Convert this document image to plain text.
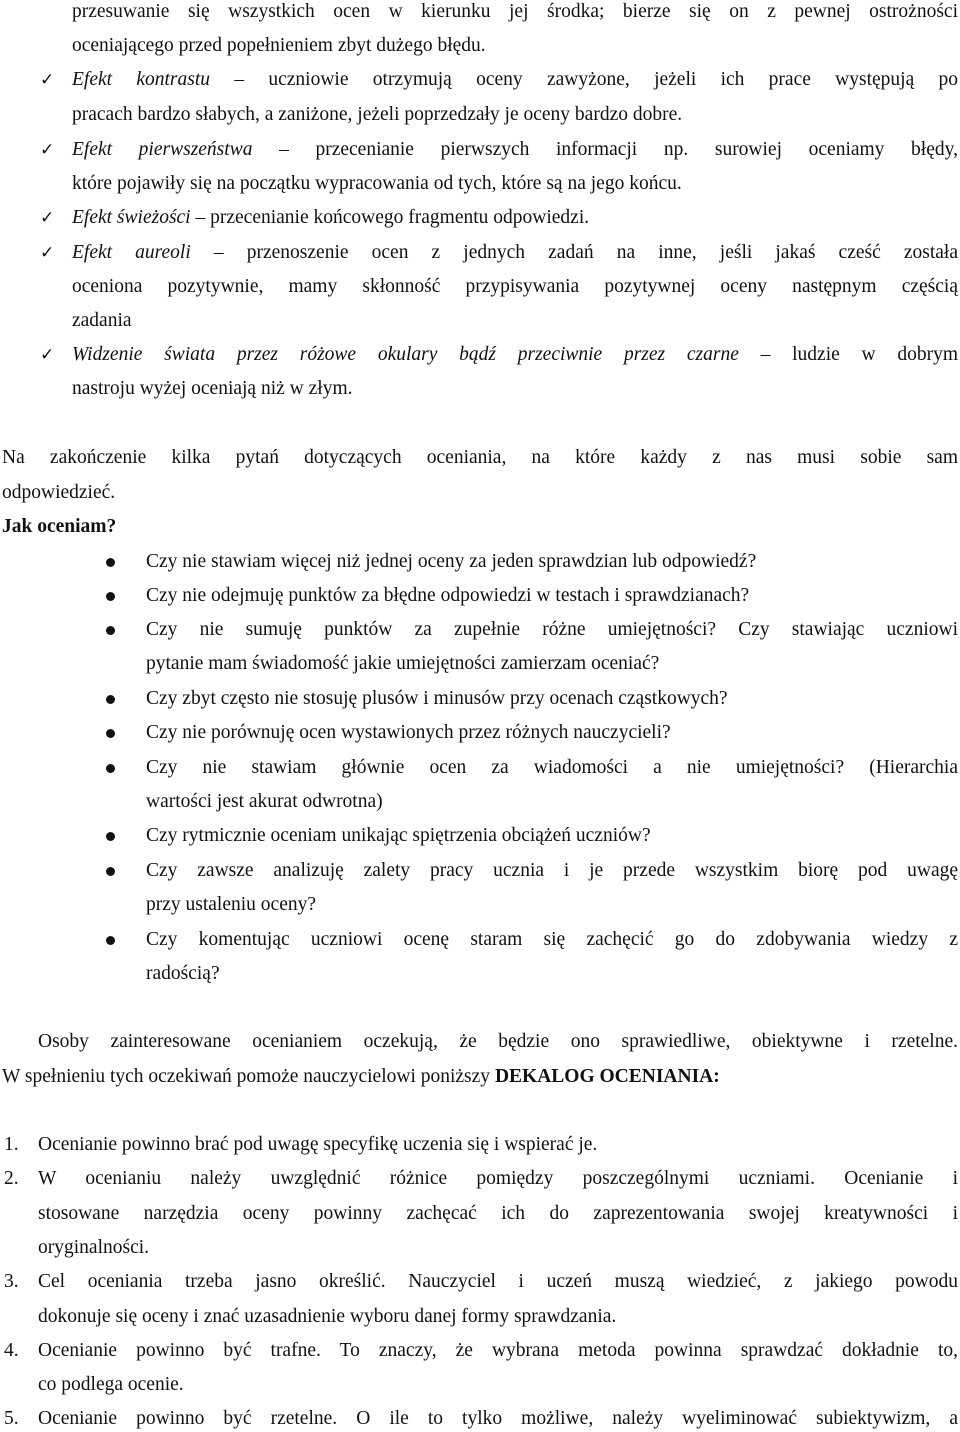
przesuwanie się wszystkich ocen w kierunku jej środka; bierze się on z pewnej ostrożności

oceniającego przed popełnieniem zbyt dużego błędu.

✓ Efekt kontrastu – uczniowie otrzymują oceny zawyżone, jeżeli ich prace występują po

pracach bardzo słabych, a zaniżone, jeżeli poprzedzały je oceny bardzo dobre.

✓ Efekt pierwszeństwa – przecenianie pierwszych informacji np. surowiej oceniamy błędy,

które pojawiły się na początku wypracowania od tych, które są na jego końcu.

✓ Efekt świeżości – przecenianie końcowego fragmentu odpowiedzi.

✓ Efekt aureoli – przenoszenie ocen z jednych zadań na inne, jeśli jakaś cześć została

oceniona pozytywnie, mamy skłonność przypisywania pozytywnej oceny następnym częścią

zadania

✓ Widzenie świata przez różowe okulary bądź przeciwnie przez czarne – ludzie w dobrym

nastroju wyżej oceniają niż w złym.

Na zakończenie kilka pytań dotyczących oceniania, na które każdy z nas musi sobie sam

odpowiedzieć.

Jak oceniam?

Czy nie stawiam więcej niż jednej oceny za jeden sprawdzian lub odpowiedź?

Czy nie odejmuję punktów za błędne odpowiedzi w testach i sprawdzianach?

Czy nie sumuję punktów za zupełnie różne umiejętności? Czy stawiając uczniowi

pytanie mam świadomość jakie umiejętności zamierzam oceniać?

Czy zbyt często nie stosuję plusów i minusów przy ocenach cząstkowych?

Czy nie porównuję ocen wystawionych przez różnych nauczycieli?

Czy nie stawiam głównie ocen za wiadomości a nie umiejętności? (Hierarchia

wartości jest akurat odwrotna)

Czy rytmicznie oceniam unikając spiętrzenia obciążeń uczniów?

Czy zawsze analizuję zalety pracy ucznia i je przede wszystkim biorę pod uwagę

przy ustaleniu oceny?

Czy komentując uczniowi ocenę staram się zachęcić go do zdobywania wiedzy z

radością?

Osoby zainteresowane ocenianiem oczekują, że będzie ono sprawiedliwe, obiektywne i rzetelne.

W spełnieniu tych oczekiwań pomoże nauczycielowi poniższy DEKALOG OCENIANIA:

1. Ocenianie powinno brać pod uwagę specyfikę uczenia się i wspierać je.

2. W ocenianiu należy uwzględnić różnice pomiędzy poszczególnymi uczniami. Ocenianie i

stosowane narzędzia oceny powinny zachęcać ich do zaprezentowania swojej kreatywności i

oryginalności.

3. Cel oceniania trzeba jasno określić. Nauczyciel i uczeń muszą wiedzieć, z jakiego powodu

dokonuje się oceny i znać uzasadnienie wyboru danej formy sprawdzania.

4. Ocenianie powinno być trafne. To znaczy, że wybrana metoda powinna sprawdzać dokładnie to,

co podlega ocenie.

5. Ocenianie powinno być rzetelne. O ile to tylko możliwe, należy wyeliminować subiektywizm, a
